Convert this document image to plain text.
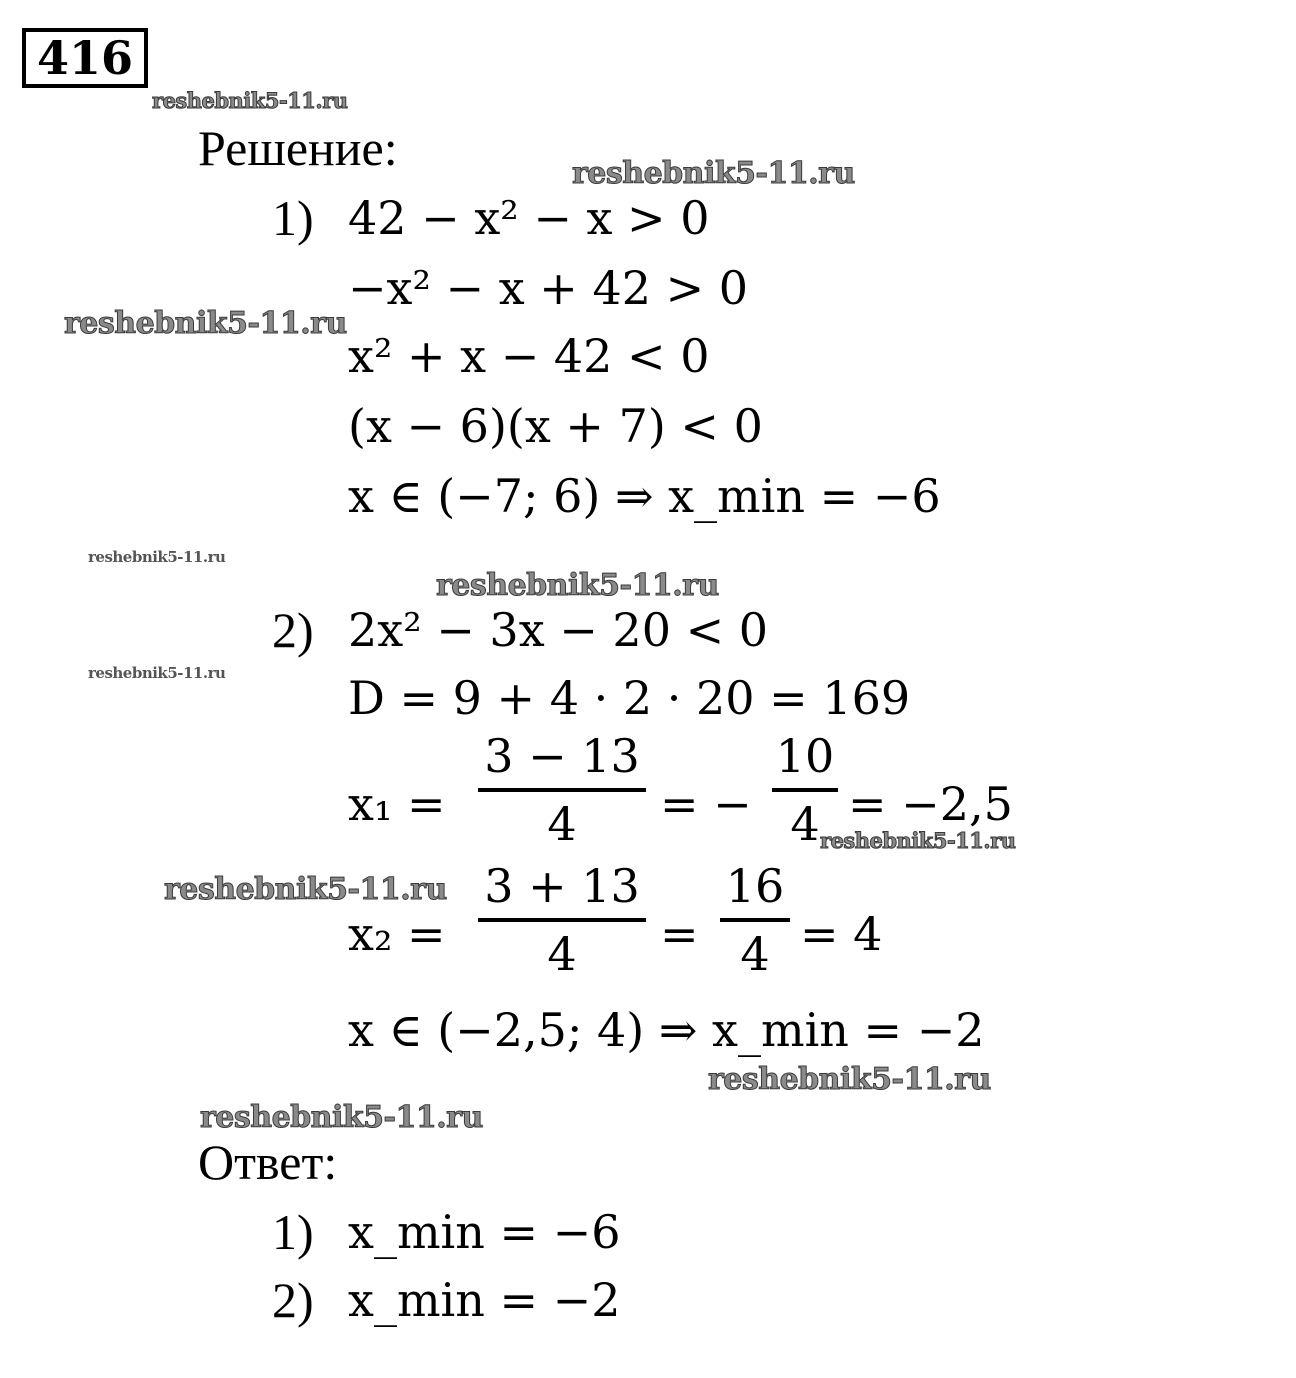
416
reshebnik5-11.ru
reshebnik5-11.ru
reshebnik5-11.ru
reshebnik5-11.ru
reshebnik5-11.ru
reshebnik5-11.ru
reshebnik5-11.ru
reshebnik5-11.ru
reshebnik5-11.ru
reshebnik5-11.ru
Решение:
1) 42 − x² − x > 0
−x² − x + 42 > 0
x² + x − 42 < 0
(x − 6)(x + 7) < 0
x ∈ (−7; 6) ⇒ x_min = −6
2) 2x² − 3x − 20 < 0
D = 9 + 4 · 2 · 20 = 169
x₁ =
3 − 13
4	= −
10
4 = −2,5
x₂ =
3 + 13
4	=
16
4 = 4
x ∈ (−2,5; 4) ⇒ x_min = −2
Ответ:
1) x_min = −6
2) x_min = −2
